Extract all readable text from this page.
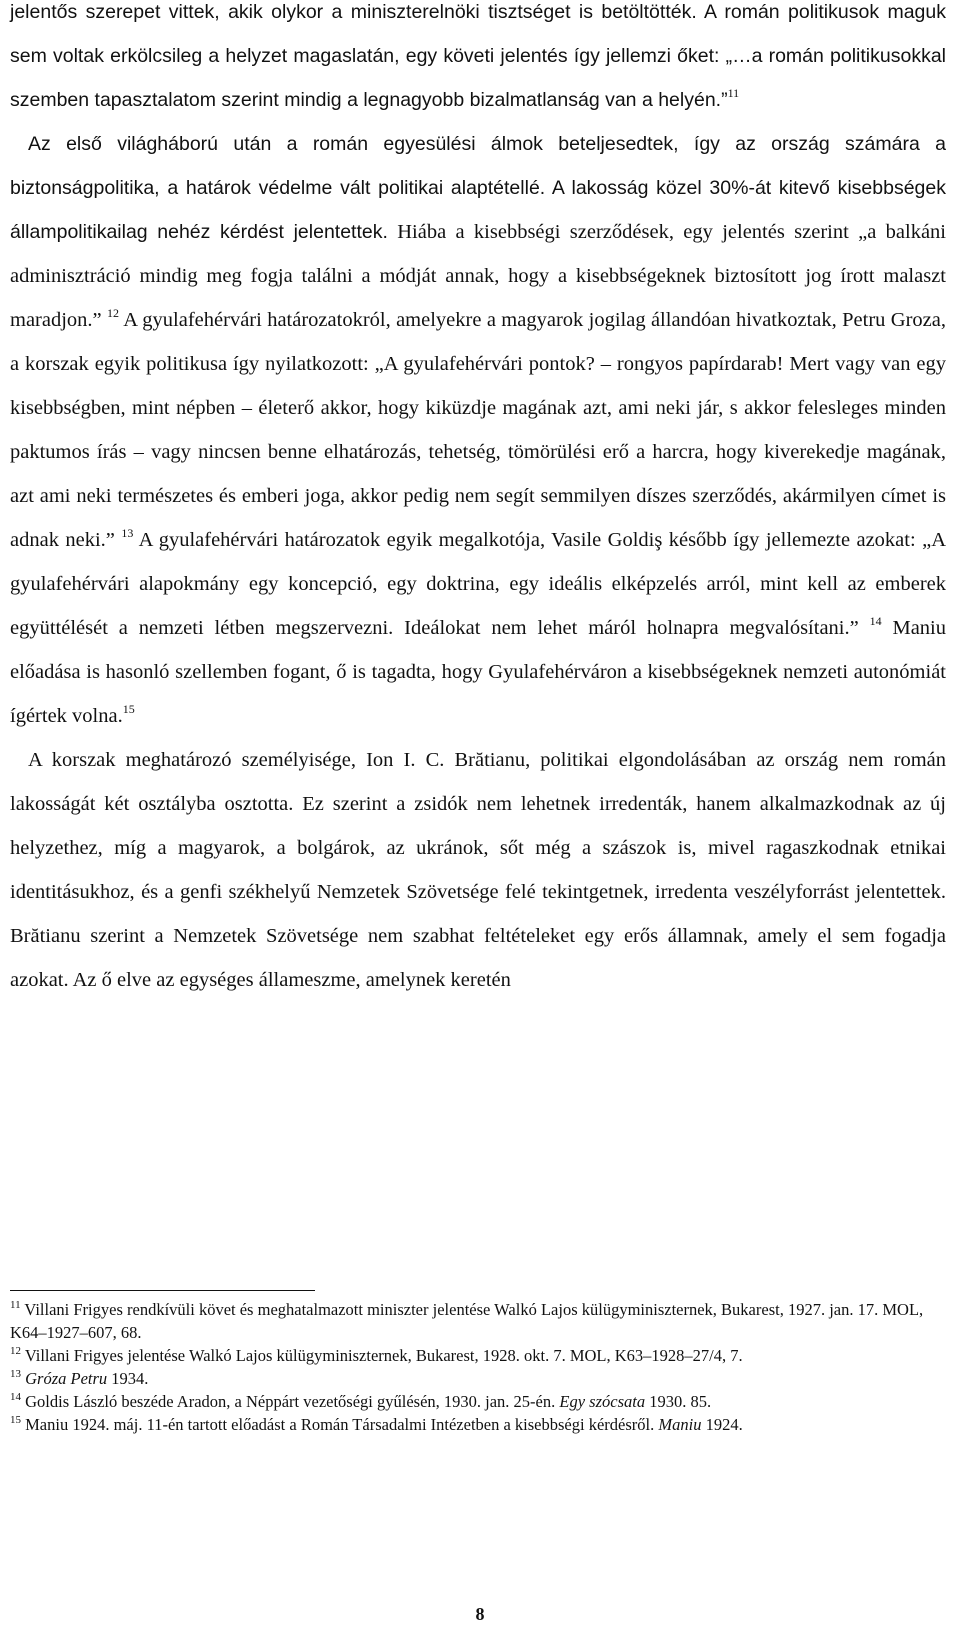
jelentős szerepet vittek, akik olykor a miniszterelnöki tisztséget is betöltötték. A román politikusok maguk sem voltak erkölcsileg a helyzet magaslatán, egy követi jelentés így jellemzi őket: „…a román politikusokkal szemben tapasztalatom szerint mindig a legnagyobb bizalmatlanság van a helyén.”$^{11}$

Az első világháború után a román egyesülési álmok beteljesedtek, így az ország számára a biztonságpolitika, a határok védelme vált politikai alaptétellé. A lakosság közel 30%-át kitevő kisebbségek állampolitikailag nehéz kérdést jelentettek. Hiába a kisebbségi szerződések, egy jelentés szerint „a balkáni adminisztráció mindig meg fogja találni a módját annak, hogy a kisebbségeknek biztosított jog írott malaszt maradjon.” $^{12}$ A gyulafehérvári határozatokról, amelyekre a magyarok jogilag állandóan hivatkoztak, Petru Groza, a korszak egyik politikusa így nyilatkozott: „A gyulafehérvári pontok? – rongyos papírdarab! Mert vagy van egy kisebbségben, mint népben – életerő akkor, hogy kiküzdje magának azt, ami neki jár, s akkor felesleges minden paktumos írás – vagy nincsen benne elhatározás, tehetség, tömörülési erő a harcra, hogy kiverekedje magának, azt ami neki természetes és emberi joga, akkor pedig nem segít semmilyen díszes szerződés, akármilyen címet is adnak neki.” $^{13}$ A gyulafehérvári határozatok egyik megalkotója, Vasile Goldiş később így jellemezte azokat: „A gyulafehérvári alapokmány egy koncepció, egy doktrina, egy ideális elképzelés arról, mint kell az emberek együttélését a nemzeti létben megszervezni. Ideálokat nem lehet máról holnapra megvalósítani.” $^{14}$ Maniu előadása is hasonló szellemben fogant, ő is tagadta, hogy Gyulafehérváron a kisebbségeknek nemzeti autonómiát ígértek volna.$^{15}$

A korszak meghatározó személyisége, Ion I. C. Brătianu, politikai elgondolásában az ország nem román lakosságát két osztályba osztotta. Ez szerint a zsidók nem lehetnek irredenták, hanem alkalmazkodnak az új helyzethez, míg a magyarok, a bolgárok, az ukránok, sőt még a szászok is, mivel ragaszkodnak etnikai identitásukhoz, és a genfi székhelyű Nemzetek Szövetsége felé tekintgetnek, irredenta veszélyforrást jelentettek. Brătianu szerint a Nemzetek Szövetsége nem szabhat feltételeket egy erős államnak, amely el sem fogadja azokat. Az ő elve az egységes állameszme, amelynek keretén

$^{11}$ Villani Frigyes rendkívüli követ és meghatalmazott miniszter jelentése Walkó Lajos külügyminiszternek, Bukarest, 1927. jan. 17. MOL, K64–1927–607, 68.

$^{12}$ Villani Frigyes jelentése Walkó Lajos külügyminiszternek, Bukarest, 1928. okt. 7. MOL, K63–1928–27/4, 7.

$^{13}$ Gróza Petru 1934.

$^{14}$ Goldis László beszéde Aradon, a Néppárt vezetőségi gyűlésén, 1930. jan. 25-én. Egy szócsata 1930. 85.

$^{15}$ Maniu 1924. máj. 11-én tartott előadást a Román Társadalmi Intézetben a kisebbségi kérdésről. Maniu 1924.

8
